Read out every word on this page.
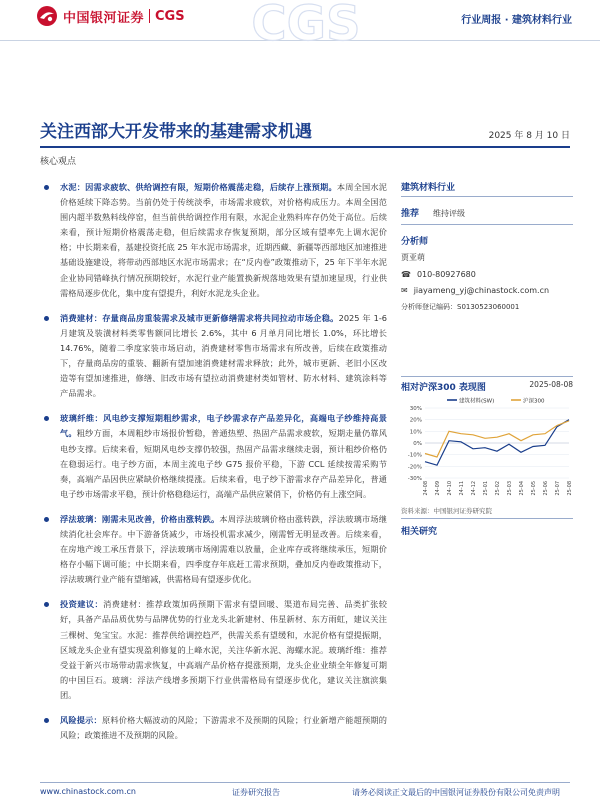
中国银河证券 CGS CGS	行业周报 · 建筑材料行业
关注西部大开发带来的基建需求机遇	2025 年 8 月 10 日
核心观点
水泥：因需求疲软、供给调控有限，短期价格震荡走稳，后续存上涨预期。本周全国水泥价格延续下降态势。当前仍处于传统淡季，市场需求疲软，对价格构成压力。本周全国范围内超半数熟料线停窑，但当前供给调控作用有限，水泥企业熟料库存仍处于高位。后续来看，预计短期价格震荡走稳，但后续需求存恢复预期，部分区域有望率先上调水泥价格；中长期来看，基建投资托底 25 年水泥市场需求，近期西藏、新疆等西部地区加速推进基础设施建设，将带动西部地区水泥市场需求；在“反内卷”政策推动下，25 年下半年水泥企业协同错峰执行情况预期较好，水泥行业产能置换新规落地效果有望加速显现，行业供需格局逐步优化，集中度有望提升，利好水泥龙头企业。
消费建材：存量商品房重装需求及城市更新修缮需求将共同拉动市场企稳。2025 年 1-6 月建筑及装潢材料类零售额同比增长 2.6%，其中 6 月单月同比增长 1.0%，环比增长 14.76%，随着二季度家装市场启动，消费建材零售市场需求有所改善，后续在政策推动下，存量商品房的重装、翻新有望加速消费建材需求释放；此外，城市更新、老旧小区改造等有望加速推进，修缮、旧改市场有望拉动消费建材类如管材、防水材料、建筑涂料等产品需求。
玻璃纤维：风电纱支撑短期粗纱需求，电子纱需求存产品差异化，高端电子纱维持高景气。粗纱方面，本周粗纱市场报价暂稳，普通热塑、热固产品需求疲软，短期走量仍靠风电纱支撑。后续来看，短期风电纱支撑仍较强，热固产品需求继续走弱，预计粗纱价格仍在稳弱运行。电子纱方面，本周主流电子纱 G75 报价平稳，下游 CCL 延续按需采购节奏，高端产品因供应紧缺价格继续提涨。后续来看，电子纱下游需求存产品差异化，普通电子纱市场需求平稳，预计价格稳稳运行，高端产品供应紧俏下，价格仍有上涨空间。
浮法玻璃：刚需未见改善，价格由涨转跌。本周浮法玻璃价格由涨转跌，浮法玻璃市场继续消化社会库存。中下游备货减少，市场投机需求减少，刚需暂无明显改善。后续来看，在房地产竣工承压背景下，浮法玻璃市场刚需难以放量，企业库存或将继续承压，短期价格存小幅下调可能；中长期来看，四季度存年底赶工需求预期，叠加反内卷政策推动下，浮法玻璃行业产能有望缩减，供需格局有望逐步优化。
投资建议：消费建材：推荐政策加码预期下需求有望回暖、渠道布局完善、品类扩张较好，具备产品品质优势与品牌优势的行业龙头北新建材、伟星新材、东方雨虹，建议关注三棵树、兔宝宝。水泥：推荐供给调控趋严，供需关系有望缓和，水泥价格有望提振期，区域龙头企业有望实现盈利修复的上峰水泥，关注华新水泥、海螺水泥。玻璃纤维：推荐受益于新兴市场带动需求恢复，中高端产品价格存提涨预期，龙头企业业绩全年修复可期的中国巨石。玻璃：浮法产线增多预期下行业供需格局有望逐步优化，建议关注旗滨集团。
风险提示：原料价格大幅波动的风险；下游需求不及预期的风险；行业新增产能超预期的风险；政策推进不及预期的风险。
建筑材料行业
推荐 维持评级
分析师
贾亚萌
☎ 010-80927680
✉ jiayameng_yj@chinastock.com.cn
分析师登记编码：S0130523060001
相对沪深300 表现图	2025-08-08
建筑材料(SW)	沪深300
30%
20%
10%
0%
-10%
-20%
-30%
24-08 24-09 24-10 24-11 24-12 25-01 25-02 25-03 25-04 25-05 25-06 25-07 25-08
资料来源：中国银河证券研究院
相关研究
www.chinastock.com.cn	证券研究报告	请务必阅读正文最后的中国银河证券股份有限公司免责声明
